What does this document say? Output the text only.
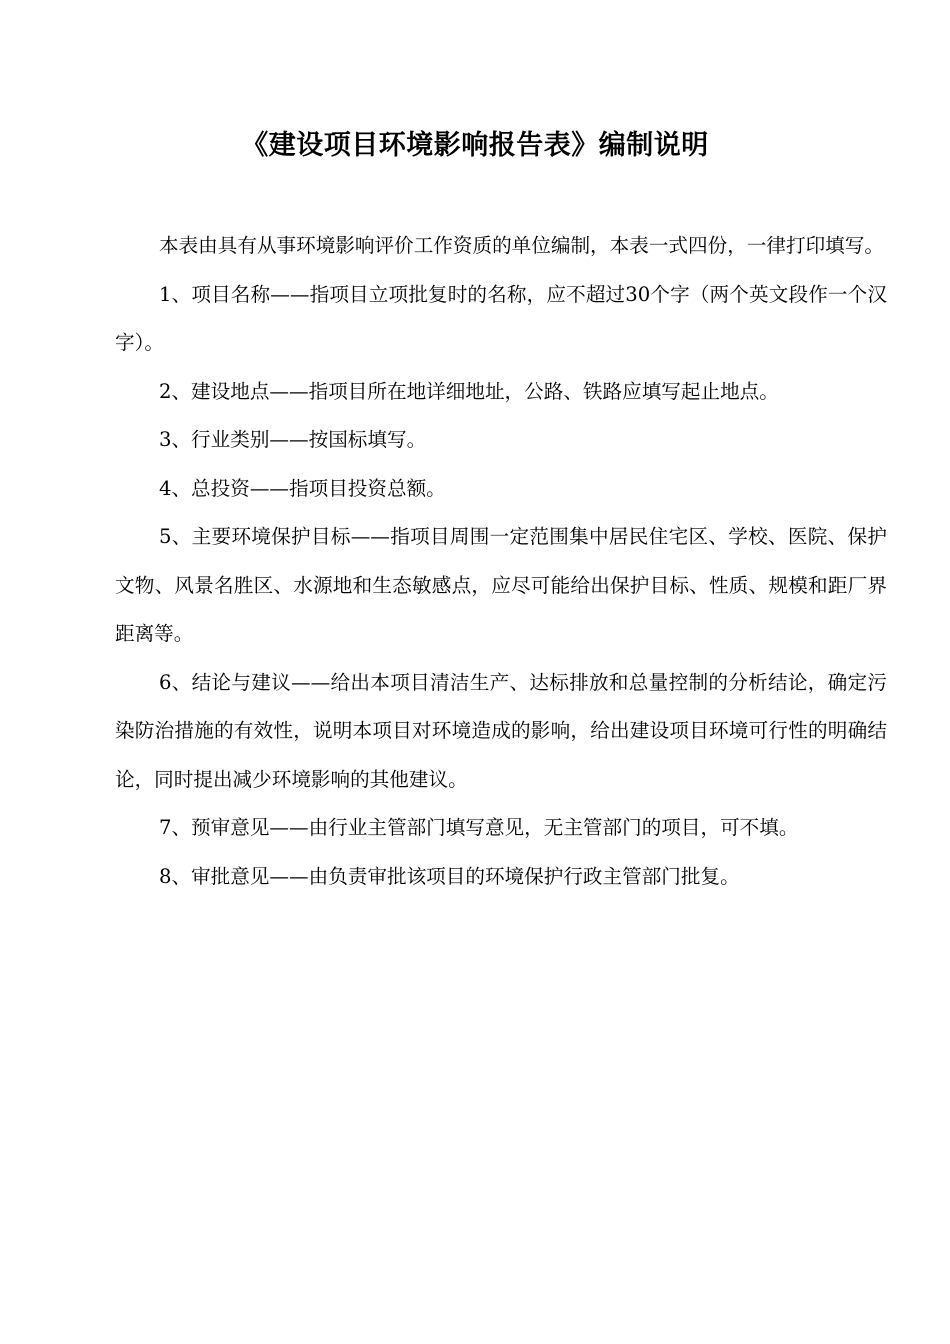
《建设项目环境影响报告表》编制说明

本表由具有从事环境影响评价工作资质的单位编制，本表一式四份，一律打印填写。

1、项目名称——指项目立项批复时的名称，应不超过30个字（两个英文段作一个汉字）。

2、建设地点——指项目所在地详细地址，公路、铁路应填写起止地点。

3、行业类别——按国标填写。

4、总投资——指项目投资总额。

5、主要环境保护目标——指项目周围一定范围集中居民住宅区、学校、医院、保护文物、风景名胜区、水源地和生态敏感点，应尽可能给出保护目标、性质、规模和距厂界距离等。

6、结论与建议——给出本项目清洁生产、达标排放和总量控制的分析结论，确定污染防治措施的有效性，说明本项目对环境造成的影响，给出建设项目环境可行性的明确结论，同时提出减少环境影响的其他建议。

7、预审意见——由行业主管部门填写意见，无主管部门的项目，可不填。

8、审批意见——由负责审批该项目的环境保护行政主管部门批复。
